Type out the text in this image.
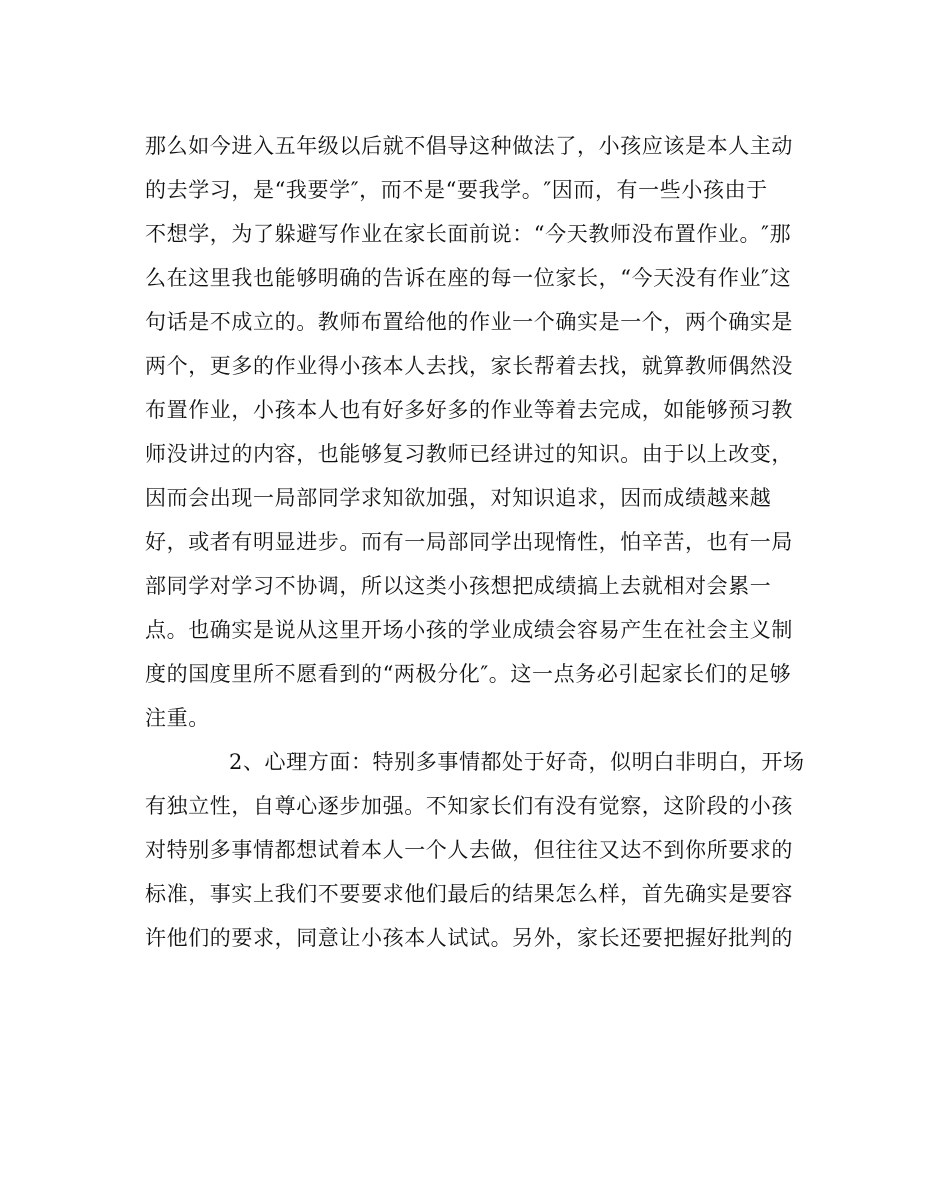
那么如今进入五年级以后就不倡导这种做法了，小孩应该是本人主动
的去学习，是“我要学″，而不是“要我学。″因而，有一些小孩由于
不想学，为了躲避写作业在家长面前说：“今天教师没布置作业。″那
么在这里我也能够明确的告诉在座的每一位家长，“今天没有作业″这
句话是不成立的。教师布置给他的作业一个确实是一个，两个确实是
两个，更多的作业得小孩本人去找，家长帮着去找，就算教师偶然没
布置作业，小孩本人也有好多好多的作业等着去完成，如能够预习教
师没讲过的内容，也能够复习教师已经讲过的知识。由于以上改变，
因而会出现一局部同学求知欲加强，对知识追求，因而成绩越来越
好，或者有明显进步。而有一局部同学出现惰性，怕辛苦，也有一局
部同学对学习不协调，所以这类小孩想把成绩搞上去就相对会累一
点。也确实是说从这里开场小孩的学业成绩会容易产生在社会主义制
度的国度里所不愿看到的“两极分化″。这一点务必引起家长们的足够
注重。
2、心理方面：特别多事情都处于好奇，似明白非明白，开场
有独立性，自尊心逐步加强。不知家长们有没有觉察，这阶段的小孩
对特别多事情都想试着本人一个人去做，但往往又达不到你所要求的
标准，事实上我们不要要求他们最后的结果怎么样，首先确实是要容
许他们的要求，同意让小孩本人试试。另外，家长还要把握好批判的
